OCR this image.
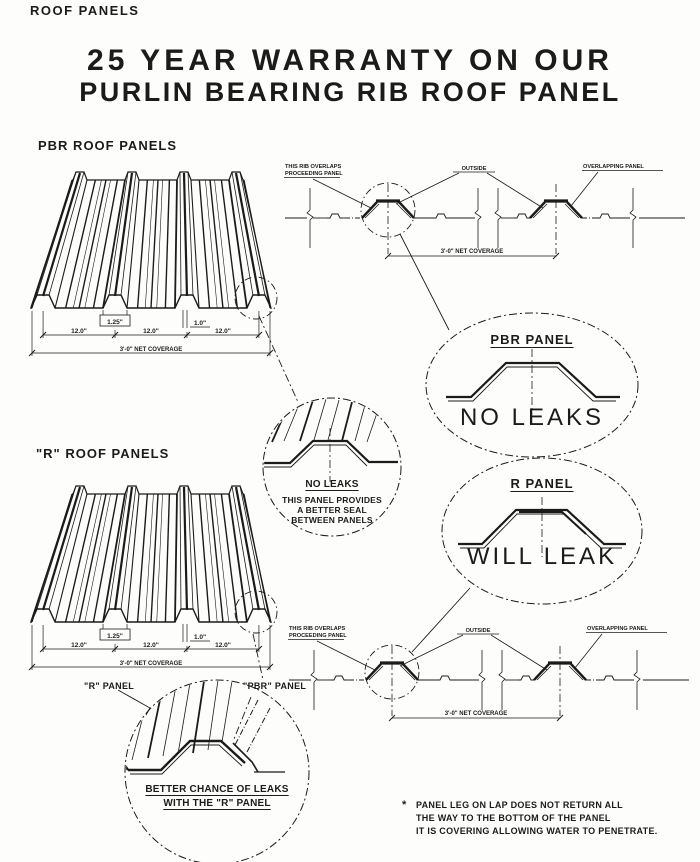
ROOF PANELS
25 YEAR WARRANTY ON OUR
PURLIN BEARING RIB ROOF PANEL
PBR ROOF PANELS
"R" ROOF PANELS
1.25"	1.0"
12.0"	12.0"	12.0"
3'-0" NET COVERAGE
1.25"	1.0"
12.0"	12.0"	12.0"
3'-0" NET COVERAGE
THIS RIB OVERLAPS
PROCEEDING PANEL
OUTSIDE	OVERLAPPING PANEL
3'-0" NET COVERAGE
THIS RIB OVERLAPS
PROCEEDING PANEL
OUTSIDE	OVERLAPPING PANEL
3'-0" NET COVERAGE
PBR PANEL
NO LEAKS
NO LEAKS
THIS PANEL PROVIDES
A BETTER SEAL
BETWEEN PANELS
R PANEL
WILL LEAK
BETTER CHANCE OF LEAKS
WITH THE "R" PANEL
"R" PANEL	"PBR" PANEL
* PANEL LEG ON LAP DOES NOT RETURN ALL
THE WAY TO THE BOTTOM OF THE PANEL
IT IS COVERING ALLOWING WATER TO PENETRATE.
